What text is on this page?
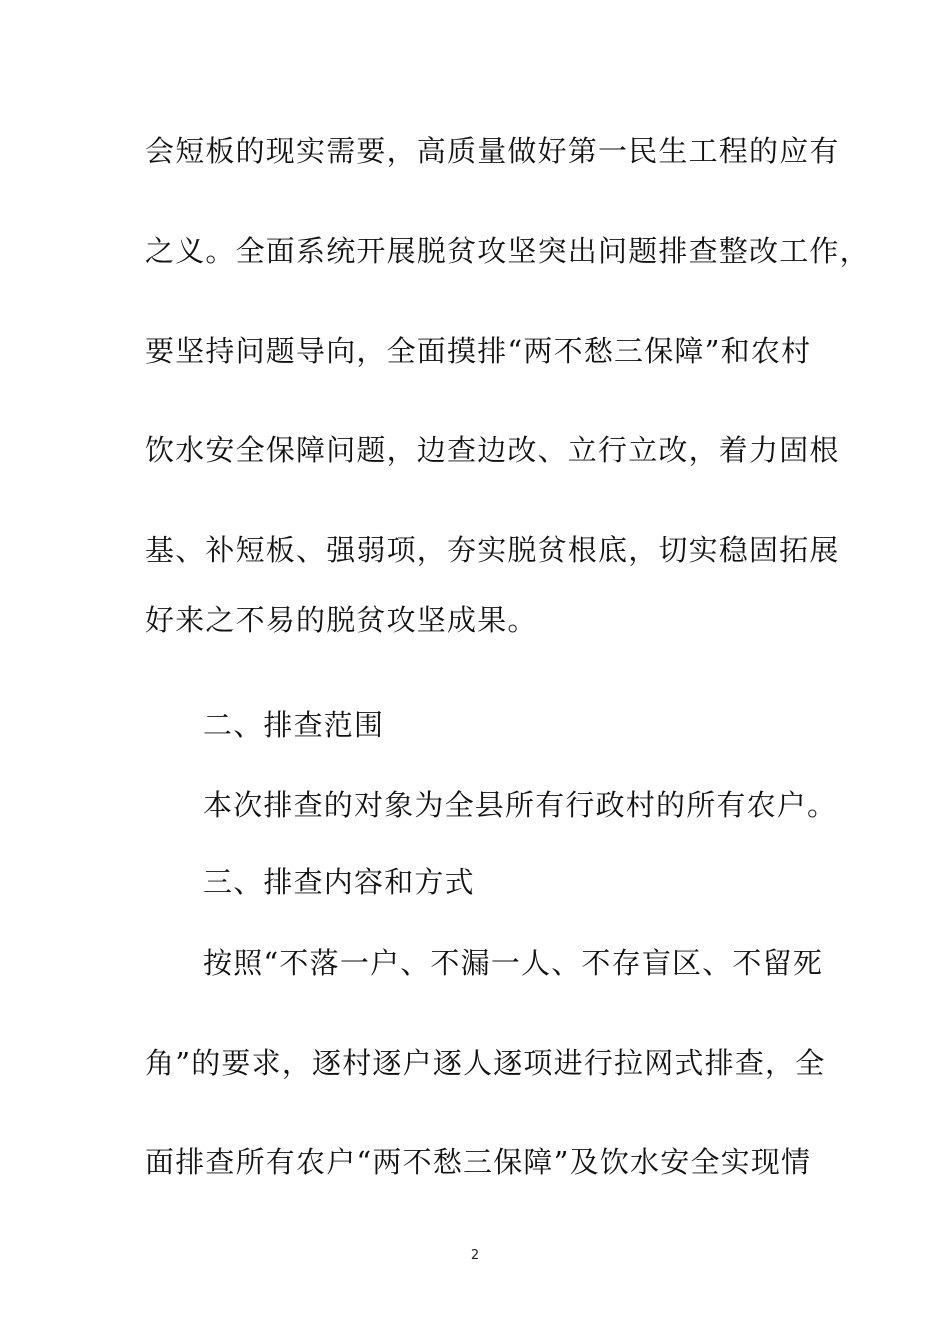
会短板的现实需要，高质量做好第一民生工程的应有
之义。全面系统开展脱贫攻坚突出问题排查整改工作，
要坚持问题导向，全面摸排“两不愁三保障”和农村
饮水安全保障问题，边查边改、立行立改，着力固根
基、补短板、强弱项，夯实脱贫根底，切实稳固拓展
好来之不易的脱贫攻坚成果。
二、排查范围
本次排查的对象为全县所有行政村的所有农户。
三、排查内容和方式
按照“不落一户、不漏一人、不存盲区、不留死
角”的要求，逐村逐户逐人逐项进行拉网式排查，全
面排查所有农户“两不愁三保障”及饮水安全实现情
2
